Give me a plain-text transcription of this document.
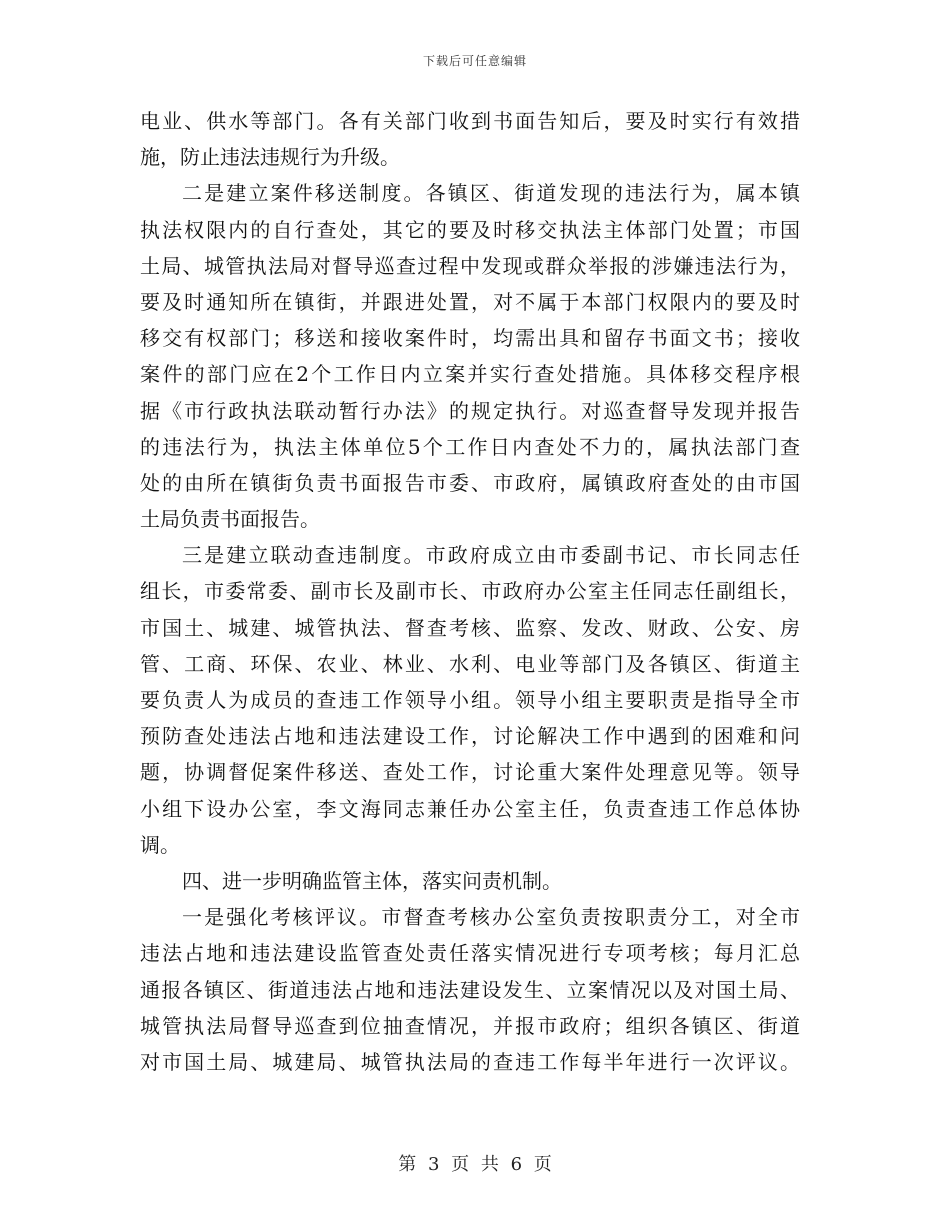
下载后可任意编辑
电业、供水等部门。各有关部门收到书面告知后，要及时实行有效措
施，防止违法违规行为升级。
二是建立案件移送制度。各镇区、街道发现的违法行为，属本镇
执法权限内的自行查处，其它的要及时移交执法主体部门处置；市国
土局、城管执法局对督导巡查过程中发现或群众举报的涉嫌违法行为，
要及时通知所在镇街，并跟进处置，对不属于本部门权限内的要及时
移交有权部门；移送和接收案件时，均需出具和留存书面文书；接收
案件的部门应在2个工作日内立案并实行查处措施。具体移交程序根
据《市行政执法联动暂行办法》的规定执行。对巡查督导发现并报告
的违法行为，执法主体单位5个工作日内查处不力的，属执法部门查
处的由所在镇街负责书面报告市委、市政府，属镇政府查处的由市国
土局负责书面报告。
三是建立联动查违制度。市政府成立由市委副书记、市长同志任
组长，市委常委、副市长及副市长、市政府办公室主任同志任副组长，
市国土、城建、城管执法、督查考核、监察、发改、财政、公安、房
管、工商、环保、农业、林业、水利、电业等部门及各镇区、街道主
要负责人为成员的查违工作领导小组。领导小组主要职责是指导全市
预防查处违法占地和违法建设工作，讨论解决工作中遇到的困难和问
题，协调督促案件移送、查处工作，讨论重大案件处理意见等。领导
小组下设办公室，李文海同志兼任办公室主任，负责查违工作总体协
调。
四、进一步明确监管主体，落实问责机制。
一是强化考核评议。市督查考核办公室负责按职责分工，对全市
违法占地和违法建设监管查处责任落实情况进行专项考核；每月汇总
通报各镇区、街道违法占地和违法建设发生、立案情况以及对国土局、
城管执法局督导巡查到位抽查情况，并报市政府；组织各镇区、街道
对市国土局、城建局、城管执法局的查违工作每半年进行一次评议。
第 3 页 共 6 页
